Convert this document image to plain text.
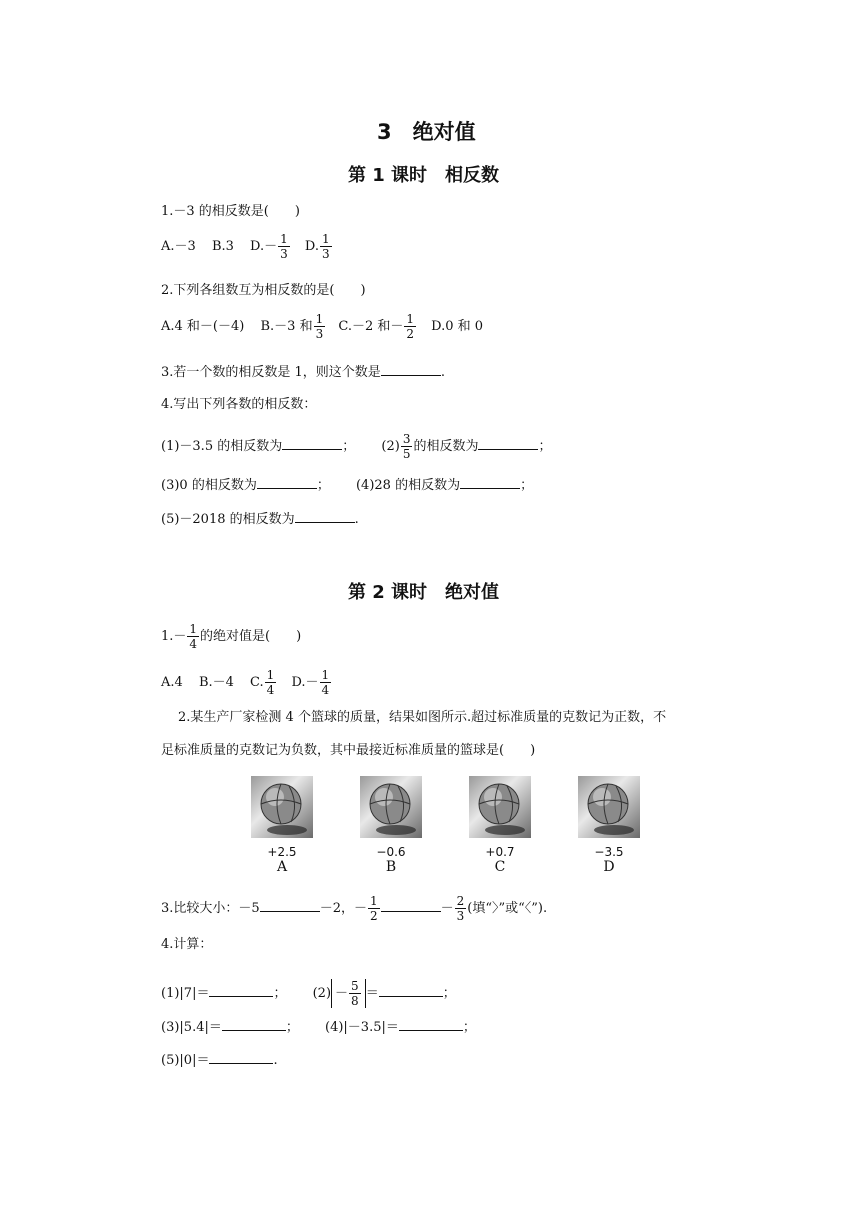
3　绝对值
第 1 课时　相反数
1.－3 的相反数是(　　)
A.－3 B.3 $D.- \frac{1}{3} D$. $\frac{1}{3}$
2.下列各组数互为相反数的是(　　)
A.4 和－(－4) B.－3 和 $\frac{1}{3} C.-2$ 和－ $\frac{1}{2} D.0$ 和 0
3.若一个数的相反数是 1，则这个数是	.
4.写出下列各数的相反数：
(1)－3.5 的相反数为	； $(2) \frac{3}{5}$ 的相反数为	；
(3)0 的相反数为	； (4)28 的相反数为	；
(5)－2018 的相反数为	.
第 2 课时　绝对值
$1.- \frac{1}{4}$ 的绝对值是(　　)
A.4 B.－4 C. $\frac{1}{4} D.- \frac{1}{4}$
2.某生产厂家检测 4 个篮球的质量，结果如图所示.超过标准质量的克数记为正数，不
足标准质量的克数记为负数，其中最接近标准质量的篮球是(　　)
+2.5
A
−0.6
B
+0.7
C
−3.5
D
3.比较大小：－5	－2，－ $\frac{1}{2}$	－ $\frac{2}{3}$ (填“〉”或“〈”).
4.计算：
(1)|7|＝	； $(2) - \frac{5}{8}$ ＝	；
(3)|5.4|＝	； (4)|－3.5|＝	；
(5)|0|＝	.
